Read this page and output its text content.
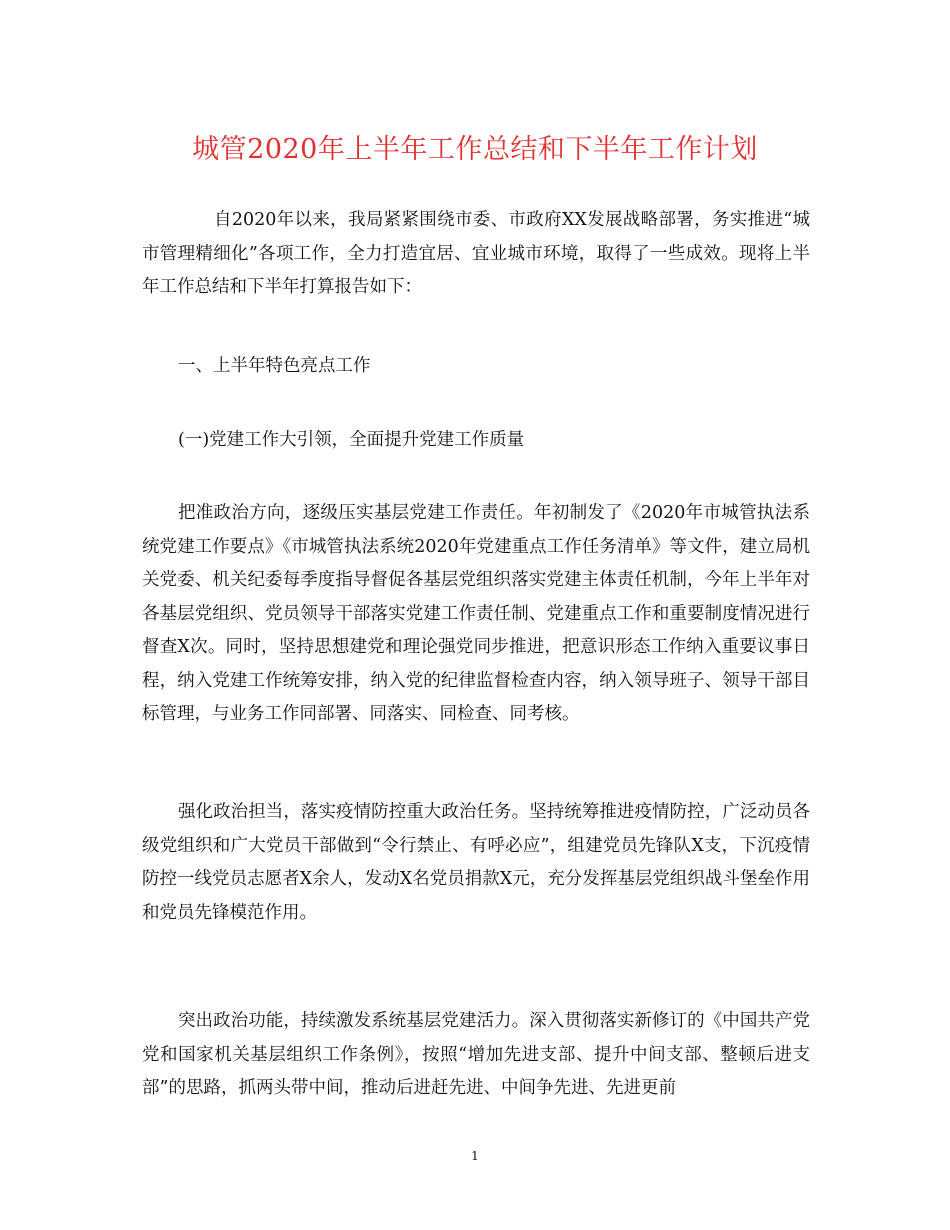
城管2020年上半年工作总结和下半年工作计划

自2020年以来，我局紧紧围绕市委、市政府XX发展战略部署，务实推进“城市管理精细化”各项工作，全力打造宜居、宜业城市环境，取得了一些成效。现将上半年工作总结和下半年打算报告如下：

一、上半年特色亮点工作

(一)党建工作大引领，全面提升党建工作质量

把准政治方向，逐级压实基层党建工作责任。年初制发了《2020年市城管执法系统党建工作要点》《市城管执法系统2020年党建重点工作任务清单》等文件，建立局机关党委、机关纪委每季度指导督促各基层党组织落实党建主体责任机制，今年上半年对各基层党组织、党员领导干部落实党建工作责任制、党建重点工作和重要制度情况进行督查X次。同时，坚持思想建党和理论强党同步推进，把意识形态工作纳入重要议事日程，纳入党建工作统筹安排，纳入党的纪律监督检查内容，纳入领导班子、领导干部目标管理，与业务工作同部署、同落实、同检查、同考核。

强化政治担当，落实疫情防控重大政治任务。坚持统筹推进疫情防控，广泛动员各级党组织和广大党员干部做到“令行禁止、有呼必应”，组建党员先锋队X支，下沉疫情防控一线党员志愿者X余人，发动X名党员捐款X元，充分发挥基层党组织战斗堡垒作用和党员先锋模范作用。

突出政治功能，持续激发系统基层党建活力。深入贯彻落实新修订的《中国共产党党和国家机关基层组织工作条例》，按照“增加先进支部、提升中间支部、整顿后进支部”的思路，抓两头带中间，推动后进赶先进、中间争先进、先进更前

1
